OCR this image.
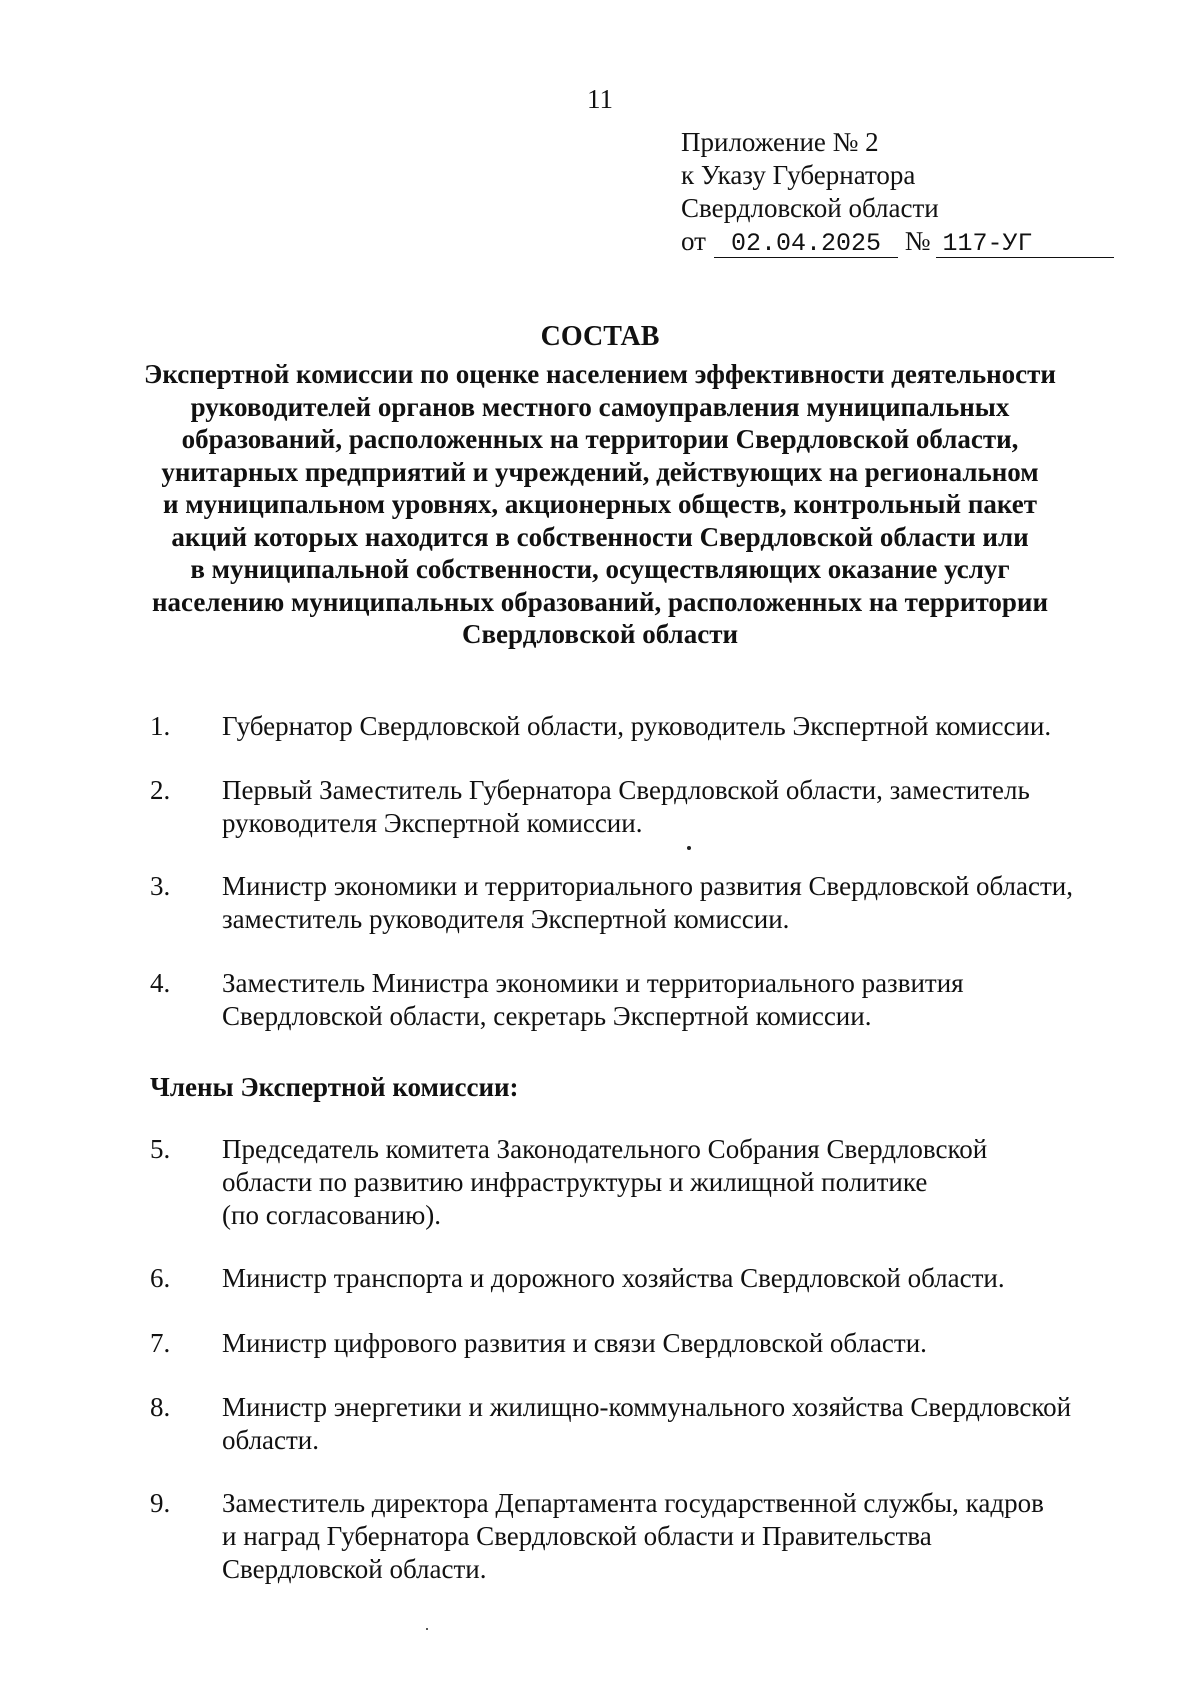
11
Приложение № 2
к Указу Губернатора
Свердловской области
от 02.04.2025 № 117-УГ
СОСТАВ
Экспертной комиссии по оценке населением эффективности деятельности
руководителей органов местного самоуправления муниципальных
образований, расположенных на территории Свердловской области,
унитарных предприятий и учреждений, действующих на региональном
и муниципальном уровнях, акционерных обществ, контрольный пакет
акций которых находится в собственности Свердловской области или
в муниципальной собственности, осуществляющих оказание услуг
населению муниципальных образований, расположенных на территории
Свердловской области
1. Губернатор Свердловской области, руководитель Экспертной комиссии.
2. Первый Заместитель Губернатора Свердловской области, заместитель
руководителя Экспертной комиссии.
3. Министр экономики и территориального развития Свердловской области,
заместитель руководителя Экспертной комиссии.
4. Заместитель Министра экономики и территориального развития
Свердловской области, секретарь Экспертной комиссии.
Члены Экспертной комиссии:
5. Председатель комитета Законодательного Собрания Свердловской
области по развитию инфраструктуры и жилищной политике
(по согласованию).
6. Министр транспорта и дорожного хозяйства Свердловской области.
7. Министр цифрового развития и связи Свердловской области.
8. Министр энергетики и жилищно-коммунального хозяйства Свердловской
области.
9. Заместитель директора Департамента государственной службы, кадров
и наград Губернатора Свердловской области и Правительства
Свердловской области.
